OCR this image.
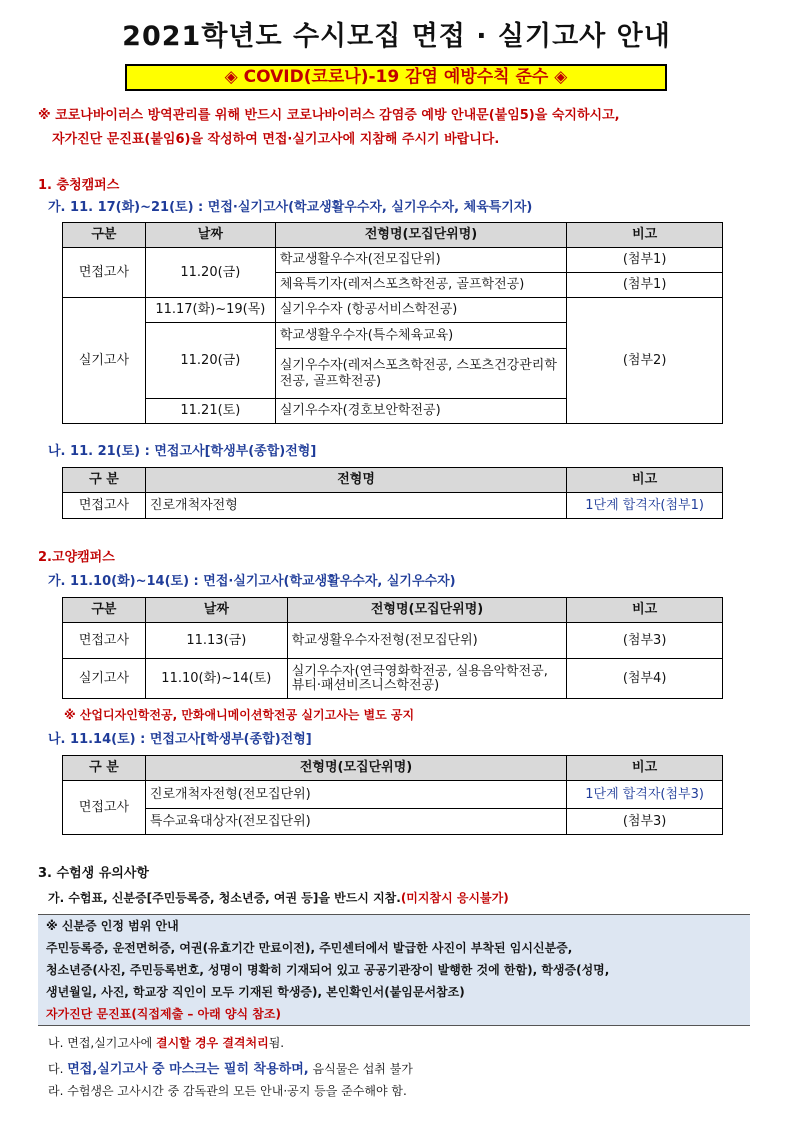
2021학년도 수시모집 면접 · 실기고사 안내
◈ COVID(코로나)-19 감염 예방수칙 준수 ◈
※ 코로나바이러스 방역관리를 위해 반드시 코로나바이러스 감염증 예방 안내문(붙임5)을 숙지하시고,
자가진단 문진표(붙임6)을 작성하여 면접·실기고사에 지참해 주시기 바랍니다.
1. 충청캠퍼스
가. 11. 17(화)~21(토) : 면접·실기고사(학교생활우수자, 실기우수자, 체육특기자)
구분	날짜	전형명(모집단위명)	비고
면접고사	11.20(금)	학교생활우수자(전모집단위)	(첨부1)
		체육특기자(레저스포츠학전공, 골프학전공)	(첨부1)
실기고사	11.17(화)~19(목)	실기우수자 (항공서비스학전공)	(첨부2)
	11.20(금)	학교생활우수자(특수체육교육)	
		실기우수자(레저스포츠학전공, 스포츠건강관리학전공, 골프학전공)	
	11.21(토)	실기우수자(경호보안학전공)	
나. 11. 21(토) : 면접고사[학생부(종합)전형]
구 분	전형명	비고
면접고사	진로개척자전형	1단계 합격자(첨부1)
2.고양캠퍼스
가. 11.10(화)~14(토) : 면접·실기고사(학교생활우수자, 실기우수자)
구분	날짜	전형명(모집단위명)	비고
면접고사	11.13(금)	학교생활우수자전형(전모집단위)	(첨부3)
실기고사	11.10(화)~14(토)	실기우수자(연극영화학전공, 실용음악학전공, 뷰티·패션비즈니스학전공)	(첨부4)
※ 산업디자인학전공, 만화애니메이션학전공 실기고사는 별도 공지
나. 11.14(토) : 면접고사[학생부(종합)전형]
구 분	전형명(모집단위명)	비고
면접고사	진로개척자전형(전모집단위)	1단계 합격자(첨부3)
	특수교육대상자(전모집단위)	(첨부3)
3. 수험생 유의사항
가. 수험표, 신분증[주민등록증, 청소년증, 여권 등]을 반드시 지참.(미지참시 응시불가)
※ 신분증 인정 범위 안내
주민등록증, 운전면허증, 여권(유효기간 만료이전), 주민센터에서 발급한 사진이 부착된 임시신분증,
청소년증(사진, 주민등록번호, 성명이 명확히 기재되어 있고 공공기관장이 발행한 것에 한함), 학생증(성명,
생년월일, 사진, 학교장 직인이 모두 기재된 학생증), 본인확인서(붙임문서참조)
자가진단 문진표(직접제출 – 아래 양식 참조)
나. 면접,실기고사에 결시할 경우 결격처리됨.
다. 면접,실기고사 중 마스크는 필히 착용하며, 음식물은 섭취 불가
라. 수험생은 고사시간 중 감독관의 모든 안내·공지 등을 준수해야 함.
